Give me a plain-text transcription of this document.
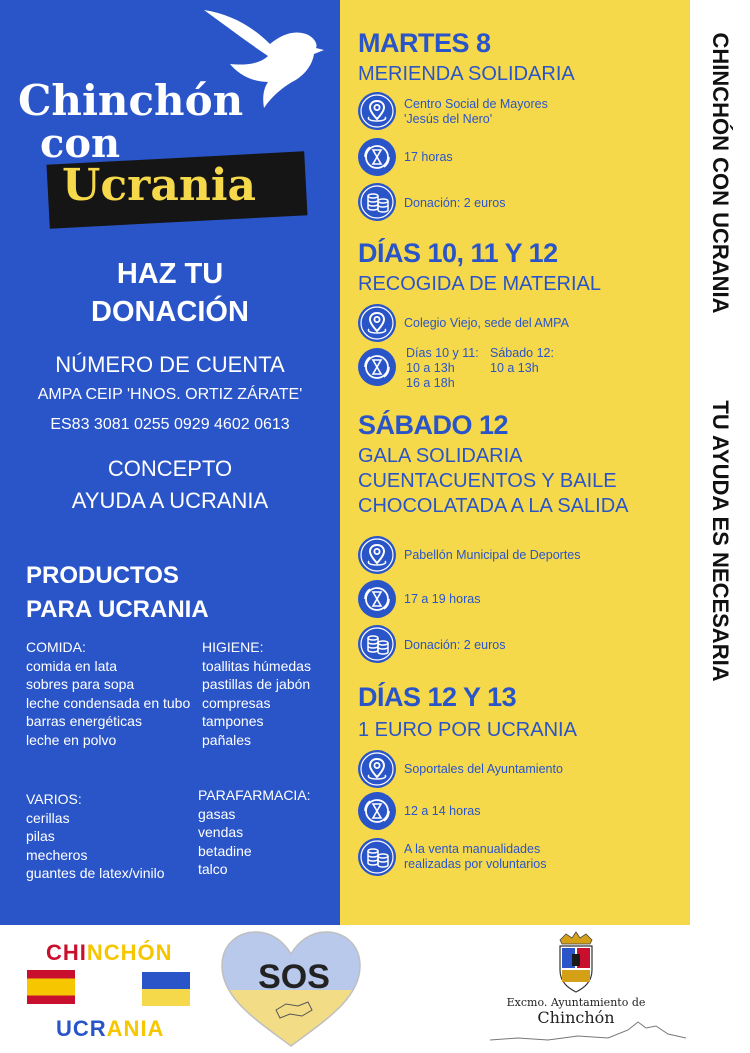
Chinchón
con
Ucrania
HAZ TU
DONACIÓN
NÚMERO DE CUENTA
AMPA CEIP 'HNOS. ORTIZ ZÁRATE'
ES83 3081 0255 0929 4602 0613
CONCEPTO
AYUDA A UCRANIA
PRODUCTOS
PARA UCRANIA
COMIDA:
comida en lata
sobres para sopa
leche condensada en tubo
barras energéticas
leche en polvo
HIGIENE:
toallitas húmedas
pastillas de jabón
compresas
tampones
pañales
VARIOS:
cerillas
pilas
mecheros
guantes de latex/vinilo
PARAFARMACIA:
gasas
vendas
betadine
talco
MARTES 8
MERIENDA SOLIDARIA
Centro Social de Mayores
'Jesús del Nero'
17 horas
Donación: 2 euros
DÍAS 10, 11 Y 12
RECOGIDA DE MATERIAL
Colegio Viejo, sede del AMPA
Días 10 y 11:
10 a 13h
16 a 18h
Sábado 12:
10 a 13h
SÁBADO 12
GALA SOLIDARIA
CUENTACUENTOS Y BAILE
CHOCOLATADA A LA SALIDA
Pabellón Municipal de Deportes
17 a 19 horas
Donación: 2 euros
DÍAS 12 Y 13
1 EURO POR UCRANIA
Soportales del Ayuntamiento
12 a 14 horas
A la venta manualidades
realizadas por voluntarios
CHINCHÓN CON UCRANIA
TU AYUDA ES NECESARIA
CHINCHÓN
UCRANIA
SOS
Excmo. Ayuntamiento de
Chinchón
